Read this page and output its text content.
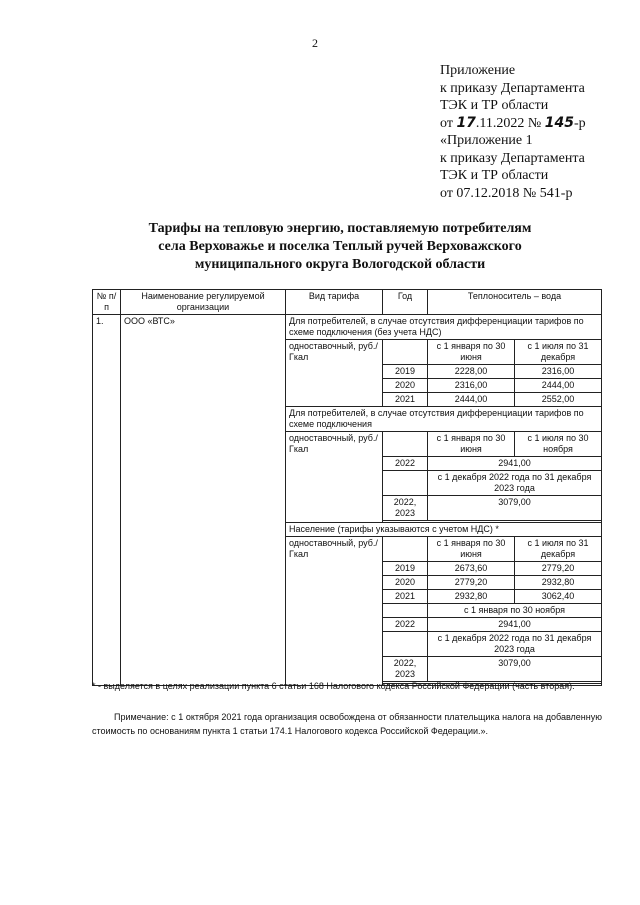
2
Приложение
к приказу Департамента
ТЭК и ТР области
от 17.11.2022 № 145-р
«Приложение 1
к приказу Департамента
ТЭК и ТР области
от 07.12.2018 № 541-р
Тарифы на тепловую энергию, поставляемую потребителям
села Верховажье и поселка Теплый ручей Верховажского
муниципального округа Вологодской области
№ п/п	Наименование регулируемой организации	Вид тарифа	Год	Теплоноситель – вода	
1.	ООО «ВТС»	Для потребителей, в случае отсутствия дифференциации тарифов по схеме подключения (без учета НДС)			
		одноставочный, руб./Гкал		с 1 января по 30 июня	с 1 июля по 31 декабря
			2019	2228,00	2316,00
			2020	2316,00	2444,00
			2021	2444,00	2552,00
		Для потребителей, в случае отсутствия дифференциации тарифов по схеме подключения			
		одноставочный, руб./Гкал		с 1 января по 30 июня	с 1 июля по 30 ноября
			2022	2941,00	
				с 1 декабря 2022 года по 31 декабря 2023 года	
			2022, 2023	3079,00	

		Население (тарифы указываются с учетом НДС) *			
		одноставочный, руб./Гкал		с 1 января по 30 июня	с 1 июля по 31 декабря
			2019	2673,60	2779,20
			2020	2779,20	2932,80
			2021	2932,80	3062,40
				с 1 января по 30 ноября	
			2022	2941,00	
				с 1 декабря 2022 года по 31 декабря 2023 года	
			2022, 2023	3079,00	

* - выделяется в целях реализации пункта 6 статьи 168 Налогового кодекса Российской Федерации (часть вторая).
Примечание: с 1 октября 2021 года организация освобождена от обязанности плательщика налога на добавленную стоимость по основаниям пункта 1 статьи 174.1 Налогового кодекса Российской Федерации.».
